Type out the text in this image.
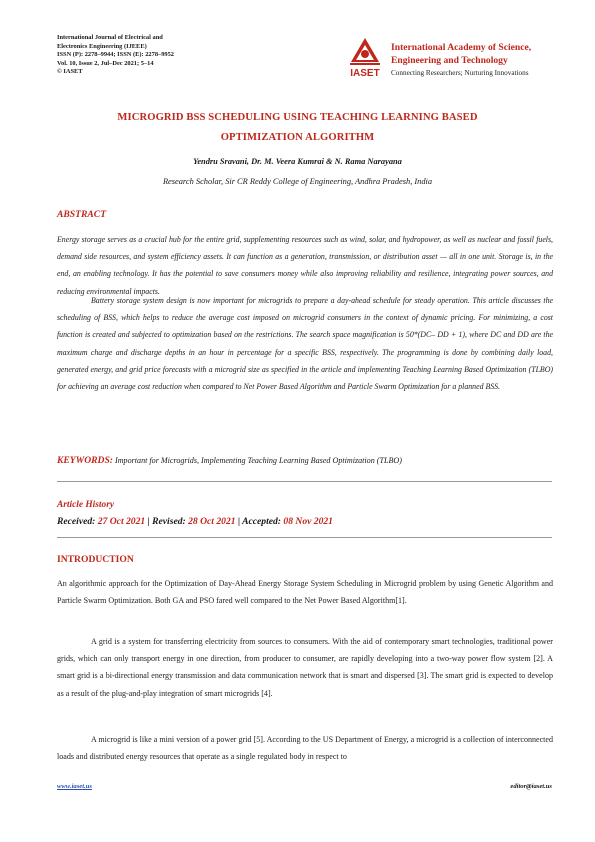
International Journal of Electrical and
Electronics Engineering (IJEEE)
ISSN (P): 2278–9944; ISSN (E): 2278–9952
Vol. 10, Issue 2, Jul–Dec 2021; 5–14
© IASET	IASET
International Academy of Science,
Engineering and Technology
Connecting Researchers; Nurturing Innovations
MICROGRID BSS SCHEDULING USING TEACHING LEARNING BASED
OPTIMIZATION ALGORITHM
Yendru Sravani, Dr. M. Veera Kumrai & N. Rama Narayana
Research Scholar, Sir CR Reddy College of Engineering, Andhra Pradesh, India
ABSTRACT
Energy storage serves as a crucial hub for the entire grid, supplementing resources such as wind, solar, and hydropower, as well as nuclear and fossil fuels, demand side resources, and system efficiency assets. It can function as a generation, transmission, or distribution asset — all in one unit. Storage is, in the end, an enabling technology. It has the potential to save consumers money while also improving reliability and resilience, integrating power sources, and reducing environmental impacts.
Battery storage system design is now important for microgrids to prepare a day-ahead schedule for steady operation. This article discusses the scheduling of BSS, which helps to reduce the average cost imposed on microgrid consumers in the context of dynamic pricing. For minimizing, a cost function is created and subjected to optimization based on the restrictions. The search space magnification is 50*(DC– DD + 1), where DC and DD are the maximum charge and discharge depths in an hour in percentage for a specific BSS, respectively. The programming is done by combining daily load, generated energy, and grid price forecasts with a microgrid size as specified in the article and implementing Teaching Learning Based Optimization (TLBO) for achieving an average cost reduction when compared to Net Power Based Algorithm and Particle Swarm Optimization for a planned BSS.
KEYWORDS: Important for Microgrids, Implementing Teaching Learning Based Optimization (TLBO)
Article History
Received: 27 Oct 2021 | Revised: 28 Oct 2021 | Accepted: 08 Nov 2021
INTRODUCTION
An algorithmic approach for the Optimization of Day-Ahead Energy Storage System Scheduling in Microgrid problem by using Genetic Algorithm and Particle Swarm Optimization. Both GA and PSO fared well compared to the Net Power Based Algorithm[1].
A grid is a system for transferring electricity from sources to consumers. With the aid of contemporary smart technologies, traditional power grids, which can only transport energy in one direction, from producer to consumer, are rapidly developing into a two-way power flow system [2]. A smart grid is a bi-directional energy transmission and data communication network that is smart and dispersed [3]. The smart grid is expected to develop as a result of the plug-and-play integration of smart microgrids [4].
A microgrid is like a mini version of a power grid [5]. According to the US Department of Energy, a microgrid is a collection of interconnected loads and distributed energy resources that operate as a single regulated body in respect to
www.iaset.us	editor@iaset.us
